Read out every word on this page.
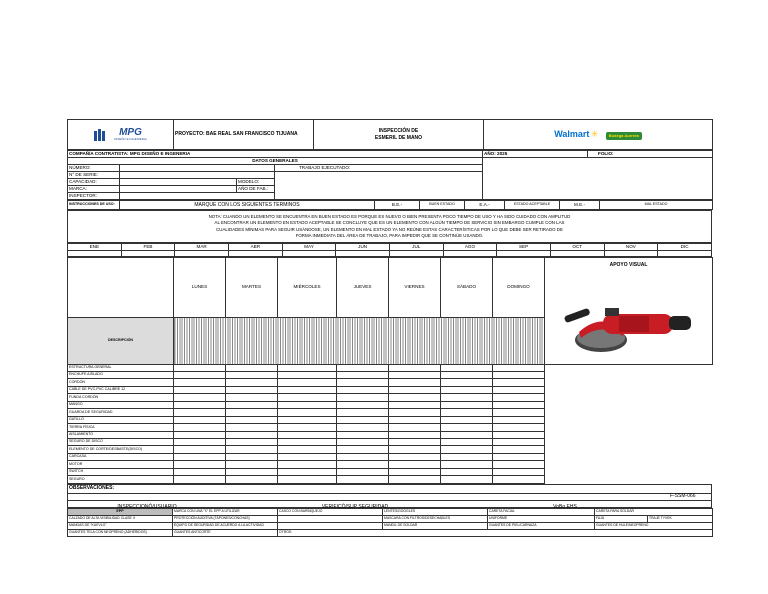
MPG
DISEÑO E INGENIERIA
	PROYECTO: BAE REAL SAN FRANCISCO TIJUANA	INSPECCIÓN DE
ESMERIL DE MANO	Walmart ✳	Bodega Aurrera
COMPAÑÍA CONTRATISTA: MPG DISEÑO E INGENERIA				AÑO: 2025	FOLIO:
DATOS GENERALES					
NÚMERO:			TRABAJO EJECUTADO:		
N° DE SERIE:					
CAPACIDAD:		MODELO:			
MARCA:		AÑO DE FAB.:			
INSPECTOR:					
INSTRUCCIONES DE USO:	MARQUE CON LOS SIGUIENTES TERMINOS	B.E.-	BUEN ESTADO	E.A.-	ESTADO ACEPTABLE	M.E.-	MAL ESTADO
NOTA: CUANDO UN ELEMENTO SE ENCUENTRA EN BUEN ESTADO ES PORQUE ES NUEVO O BIEN PRESENTA POCO TIEMPO DE USO Y HA SIDO CUIDADO CON AMPLITUD
AL ENCONTRAR UN ELEMENTO EN ESTADO ACEPTABLE SE CONCLUYE QUE ES UN ELEMENTO CON ALGÚN TIEMPO DE SERVICIO SIN EMBARGO CUMPLE CON LAS
CUALIDADES MÍNIMAS PARA SEGUIR USÁNDOSE, UN ELEMENTO EN MAL ESTADO YA NO REÚNE ESTAS CARACTERÍSTICAS POR LO QUE DEBE SER RETIRADO DE
FORMA INMEDIATA DEL ÁREA DE TRABAJO, PARA IMPEDIR QUE SE CONTINÚE USANDO.
ENE	FEB	MAR	ABR	MAY	JUN	JUL	AGO	SEP	OCT	NOV	DIC

	LUNES	MARTES	MIÉRCOLES	JUEVES	VIERNES	SÁBADO	DOMINGO	APOYO VISUAL

DESCRIPCIÓN								
ESTRUCTURA GENERAL								
ENCHUFE AISLADO								
CORDÓN								
CABLE DE PVC-PVC CALIBRE 12								
FUNDA CORDÓN								
MANGO								
GUARDA DE SEGURIDAD								
GATILLO								
TIERRA FÍSICA								
AISLAMIENTO								
SEGURO DE DISCO								
ELEMENTO DE CORTE/DESBASTE(DISCO)								
CARCASA								
MOTOR								
SWITCH								
SEGURO								
OBSERVACIONES:

EPP	MARCA CON UNA "X" EL EPP A UTILIZAR	CASCO CON BARBIQUEJO	LENTES/GOGGLES	CARETA FACIAL	CARETA PARA SOLDAR	
CALZADO DE ALTA VISIBILIDAD CLASE II	PROTECCIÓN AUDITIVA (TAPONES/CONCHAS)		MASCARA CON FILTROS/DESECHABLES	UNIFORME	FAJA	TRAJE TYVEK
MANGAS DE "KUEVLO"	EQUIPO DE SEGURIDAD DE ACUERDO A LA ACTIVIDAD		MANDIL DE SOLDAR	GUANTES DE PIEL/CARNAZA	GUANTES DE HULE/NEOPRENO	
GUANTES TELA CON NEOPRENO (ADHERIDOS)	GUANTES ANTICORTE	OTROS:				
F-SSM-066
INSPECCIONÓ/USUARIO	VERIFICÓ/SUP SEGURIDAD	VoBo EHS
